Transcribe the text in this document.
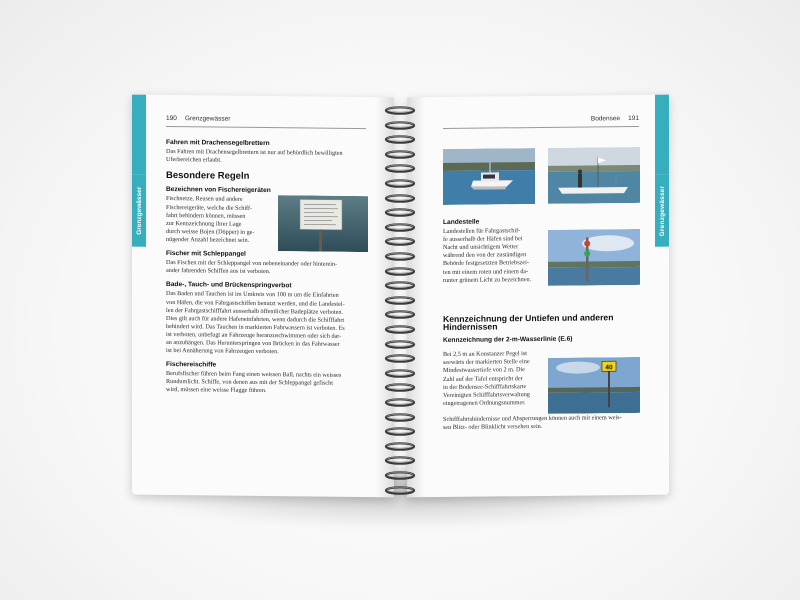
Grenzgewässer
190 Grenzgewässer
Fahren mit Drachensegelbrettern

Das Fahren mit Drachensegelbrettern ist nur auf behördlich bewilligten

Uferbereichen erlaubt.

Besondere Regeln
Bezeichnen von Fischereigeräten

Fischnetze, Reusen und andere

Fischereigeräte, welche die Schiff-

fahrt behindern können, müssen

zur Kennzeichnung ihrer Lage

durch weisse Bojen (Döpper) in ge-

nügender Anzahl bezeichnet sein.

Fischer mit Schleppangel

Das Fischen mit der Schleppangel von nebeneinander oder hinterein-

ander fahrenden Schiffen aus ist verboten.

Bade-, Tauch- und Brückenspringverbot

Das Baden und Tauchen ist im Umkreis von 100 m um die Einfahrten

von Häfen, die von Fahrgastschiffen benutzt werden, und die Landestel-

len der Fahrgastschifffahrt ausserhalb öffentlicher Badeplätze verboten.

Dies gilt auch für andere Hafeneinfahrten, wenn dadurch die Schifffahrt

behindert wird. Das Tauchen in markierten Fahrwassern ist verboten. Es

ist verboten, unbefugt an Fahrzeuge heranzuschwimmen oder sich dar-

an anzuhängen. Das Herunterspringen von Brücken in das Fahrwasser

ist bei Annäherung von Fahrzeugen verboten.

Fischereischiffe

Berufsfischer führen beim Fang einen weissen Ball, nachts ein weisses

Rundumlicht. Schiffe, von denen aus mit der Schleppangel gefischt

wird, müssen eine weisse Flagge führen.

Grenzgewässer
Bodensee 191
Landestelle

Landestellen für Fahrgastschif-

fe ausserhalb der Häfen sind bei

Nacht und unsichtigem Wetter

während den von der zuständigen

Behörde festgesetzten Betriebszei-

ten mit einem roten und einem da-

runter grünem Licht zu bezeichnen.

Kennzeichnung der Untiefen und anderen Hindernissen
Kennzeichnung der 2-m-Wasserlinie (E.6)

Bei 2,5 m an Konstanzer Pegel ist

seewärts der markierten Stelle eine

Mindestwassertiefe von 2 m. Die

Zahl auf der Tafel entspricht der

in der Bodensee-Schifffahrtskarte

Vereinigten Schifffahrtsverwaltung

eingetragenen Ordnungsnummer.

Schifffahrtshindernisse und Absperrungen können auch mit einem weis-

sen Blitz- oder Blinklicht versehen sein.

40
